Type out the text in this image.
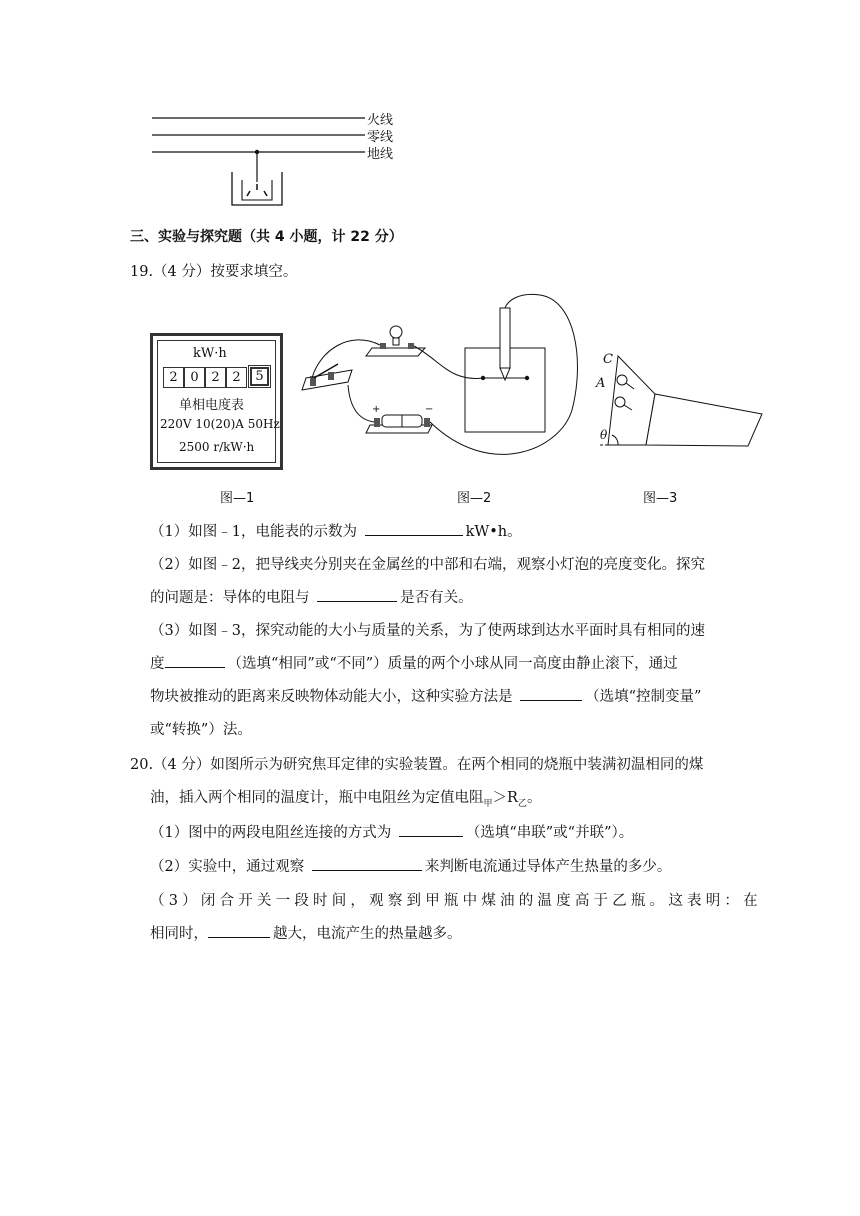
火线
零线
地线
三、实验与探究题（共 4 小题，计 22 分）
19.（4 分）按要求填空。
kW·h
2 0 2 2	5
单相电度表
220V 10(20)A 50Hz
2500 r/kW·h
+	−
C
A
θ
图—1	图—2	图—3
（1）如图﹣1，电能表的示数为	kW•h。
（2）如图﹣2，把导线夹分别夹在金属丝的中部和右端，观察小灯泡的亮度变化。探究
的问题是：导体的电阻与	是否有关。
（3）如图﹣3，探究动能的大小与质量的关系，为了使两球到达水平面时具有相同的速
度	（选填“相同”或“不同”）质量的两个小球从同一高度由静止滚下，通过
物块被推动的距离来反映物体动能大小，这种实验方法是	（选填“控制变量”
或“转换”）法。
20.（4 分）如图所示为研究焦耳定律的实验装置。在两个相同的烧瓶中装满初温相同的煤
油，插入两个相同的温度计，瓶中电阻丝为定值电阻$_甲>R_乙$。
（1）图中的两段电阻丝连接的方式为	（选填“串联”或“并联”）。
（2）实验中，通过观察	来判断电流通过导体产生热量的多少。
（3）闭合开关一段时间，观察到甲瓶中煤油的温度高于乙瓶。这表明：在
相同时，	越大，电流产生的热量越多。
